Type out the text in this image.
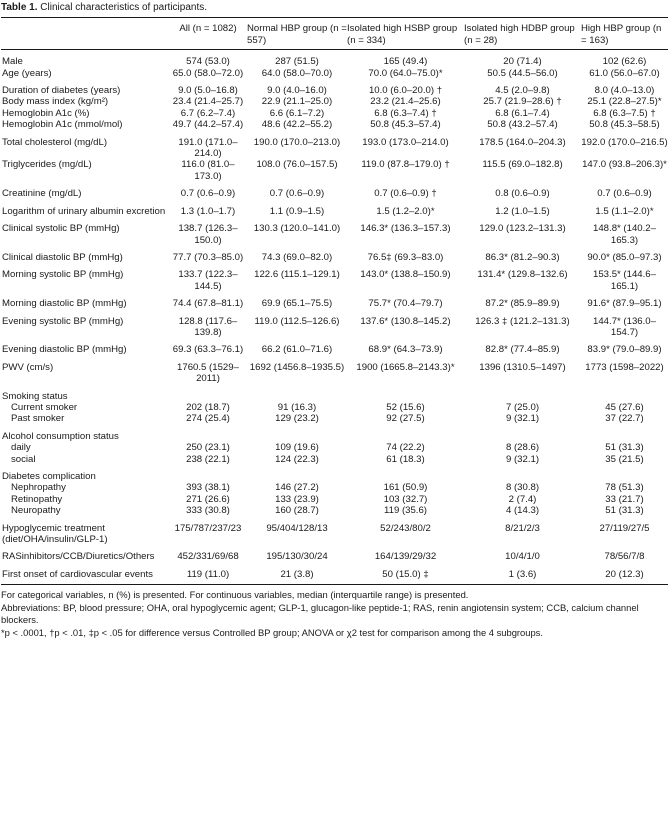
Table 1. Clinical characteristics of participants.
	All (n = 1082)	Normal HBP group (n = 557)	Isolated high HSBP group (n = 334)	Isolated high HDBP group (n = 28)	High HBP group (n = 163)
Male	574 (53.0)	287 (51.5)	165 (49.4)	20 (71.4)	102 (62.6)
Age (years)	65.0 (58.0–72.0)	64.0 (58.0–70.0)	70.0 (64.0–75.0)*	50.5 (44.5–56.0)	61.0 (56.0–67.0)
Duration of diabetes (years)	9.0 (5.0–16.8)	9.0 (4.0–16.0)	10.0 (6.0–20.0) †	4.5 (2.0–9.8)	8.0 (4.0–13.0)
Body mass index (kg/m²)	23.4 (21.4–25.7)	22.9 (21.1–25.0)	23.2 (21.4–25.6)	25.7 (21.9–28.6) †	25.1 (22.8–27.5)*
Hemoglobin A1c (%)	6.7 (6.2–7.4)	6.6 (6.1–7.2)	6.8 (6.3–7.4) †	6.8 (6.1–7.4)	6.8 (6.3–7.5) †
Hemoglobin A1c (mmol/mol)	49.7 (44.2–57.4)	48.6 (42.2–55.2)	50.8 (45.3–57.4)	50.8 (43.2–57.4)	50.8 (45.3–58.5)
Total cholesterol (mg/dL)	191.0 (171.0–214.0)	190.0 (170.0–213.0)	193.0 (173.0–214.0)	178.5 (164.0–204.3)	192.0 (170.0–216.5)
Triglycerides (mg/dL)	116.0 (81.0–173.0)	108.0 (76.0–157.5)	119.0 (87.8–179.0) †	115.5 (69.0–182.8)	147.0 (93.8–206.3)*
Creatinine (mg/dL)	0.7 (0.6–0.9)	0.7 (0.6–0.9)	0.7 (0.6–0.9) †	0.8 (0.6–0.9)	0.7 (0.6–0.9)
Logarithm of urinary albumin excretion	1.3 (1.0–1.7)	1.1 (0.9–1.5)	1.5 (1.2–2.0)*	1.2 (1.0–1.5)	1.5 (1.1–2.0)*
Clinical systolic BP (mmHg)	138.7 (126.3–150.0)	130.3 (120.0–141.0)	146.3* (136.3–157.3)	129.0 (123.2–131.3)	148.8* (140.2–165.3)
Clinical diastolic BP (mmHg)	77.7 (70.3–85.0)	74.3 (69.0–82.0)	76.5‡ (69.3–83.0)	86.3* (81.2–90.3)	90.0* (85.0–97.3)
Morning systolic BP (mmHg)	133.7 (122.3–144.5)	122.6 (115.1–129.1)	143.0* (138.8–150.9)	131.4* (129.8–132.6)	153.5* (144.6–165.1)
Morning diastolic BP (mmHg)	74.4 (67.8–81.1)	69.9 (65.1–75.5)	75.7* (70.4–79.7)	87.2* (85.9–89.9)	91.6* (87.9–95.1)
Evening systolic BP (mmHg)	128.8 (117.6–139.8)	119.0 (112.5–126.6)	137.6* (130.8–145.2)	126.3 ‡ (121.2–131.3)	144.7* (136.0–154.7)
Evening diastolic BP (mmHg)	69.3 (63.3–76.1)	66.2 (61.0–71.6)	68.9* (64.3–73.9)	82.8* (77.4–85.9)	83.9* (79.0–89.9)
PWV (cm/s)	1760.5 (1529–2011)	1692 (1456.8–1935.5)	1900 (1665.8–2143.3)*	1396 (1310.5–1497)	1773 (1598–2022)
Smoking status					
Current smoker	202 (18.7)	91 (16.3)	52 (15.6)	7 (25.0)	45 (27.6)
Past smoker	274 (25.4)	129 (23.2)	92 (27.5)	9 (32.1)	37 (22.7)
Alcohol consumption status					
daily	250 (23.1)	109 (19.6)	74 (22.2)	8 (28.6)	51 (31.3)
social	238 (22.1)	124 (22.3)	61 (18.3)	9 (32.1)	35 (21.5)
Diabetes complication					
Nephropathy	393 (38.1)	146 (27.2)	161 (50.9)	8 (30.8)	78 (51.3)
Retinopathy	271 (26.6)	133 (23.9)	103 (32.7)	2 (7.4)	33 (21.7)
Neuropathy	333 (30.8)	160 (28.7)	119 (35.6)	4 (14.3)	51 (31.3)
Hypoglycemic treatment (diet/OHA/insulin/GLP-1)	175/787/237/23	95/404/128/13	52/243/80/2	8/21/2/3	27/119/27/5
RASinhibitors/CCB/Diuretics/Others	452/331/69/68	195/130/30/24	164/139/29/32	10/4/1/0	78/56/7/8
First onset of cardiovascular events	119 (11.0)	21 (3.8)	50 (15.0) ‡	1 (3.6)	20 (12.3)
For categorical variables, n (%) is presented. For continuous variables, median (interquartile range) is presented.
Abbreviations: BP, blood pressure; OHA, oral hypoglycemic agent; GLP-1, glucagon-like peptide-1; RAS, renin angiotensin system; CCB, calcium channel blockers.
*p < .0001, †p < .01, ‡p < .05 for difference versus Controlled BP group; ANOVA or χ2 test for comparison among the 4 subgroups.
